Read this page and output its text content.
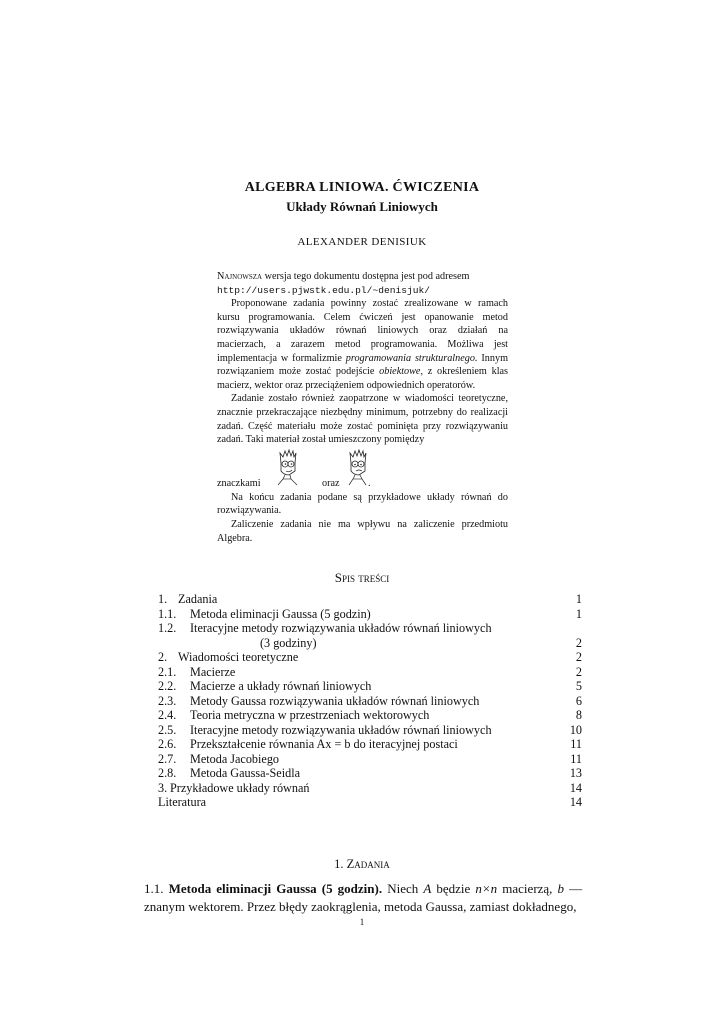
ALGEBRA LINIOWA. ĆWICZENIA
Układy Równań Liniowych
ALEXANDER DENISIUK

Najnowsza wersja tego dokumentu dostępna jest pod adresem
http://users.pjwstk.edu.pl/~denisjuk/

Proponowane zadania powinny zostać zrealizowane w ramach kursu programowania. Celem ćwiczeń jest opanowanie metod rozwiązywania układów równań liniowych oraz działań na macierzach, a zarazem metod programowania. Możliwa jest implementacja w formalizmie programowania strukturalnego. Innym rozwiązaniem może zostać podejście obiektowe, z określeniem klas macierz, wektor oraz przeciążeniem odpowiednich operatorów.

Zadanie zostało również zaopatrzone w wiadomości teoretyczne, znacznie przekraczające niezbędny minimum, potrzebny do realizacji zadań. Część materiału może zostać pominięta przy rozwiązywaniu zadań. Taki materiał został umieszczony pomiędzy

znaczkami	oraz	.

Na końcu zadania podane są przykładowe układy równań do rozwiązywania.

Zaliczenie zadania nie ma wpływu na zaliczenie przedmiotu Algebra.

Spis treści
1. Zadania	1
1.1. Metoda eliminacji Gaussa (5 godzin)	1
1.2. Iteracyjne metody rozwiązywania układów równań liniowych
(3 godziny)	2
2. Wiadomości teoretyczne	2
2.1. Macierze	2
2.2. Macierze a układy równań liniowych	5
2.3. Metody Gaussa rozwiązywania układów równań liniowych	6
2.4. Teoria metryczna w przestrzeniach wektorowych	8
2.5. Iteracyjne metody rozwiązywania układów równań liniowych	10
2.6. Przekształcenie równania Ax = b do iteracyjnej postaci	11
2.7. Metoda Jacobiego	11
2.8. Metoda Gaussa-Seidla	13
3. Przykładowe układy równań	14
Literatura	14
1. Zadania
1.1. Metoda eliminacji Gaussa (5 godzin). Niech A będzie n×n macierzą, b — znanym wektorem. Przez błędy zaokrąglenia, metoda Gaussa, zamiast dokładnego,
1
